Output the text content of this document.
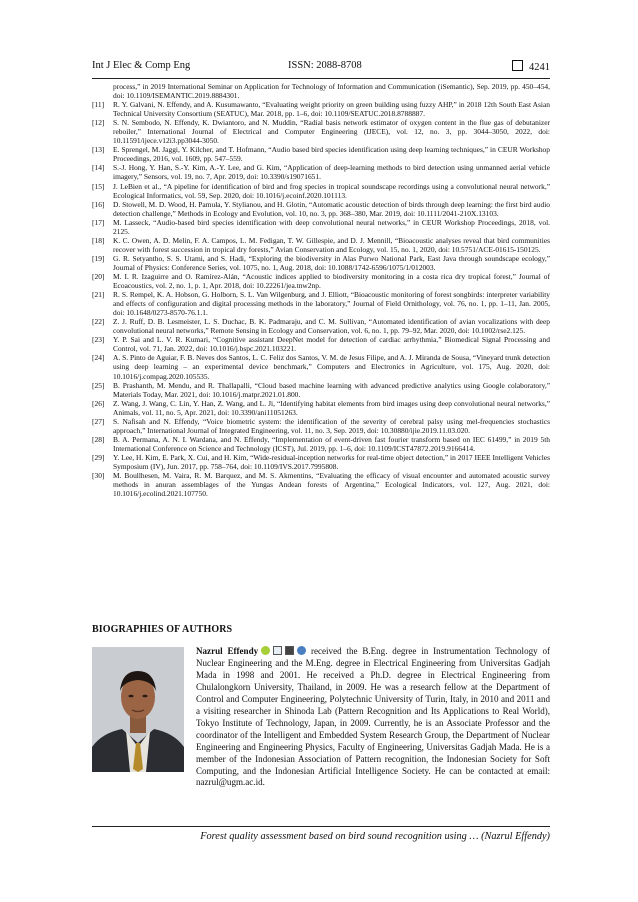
Int J Elec & Comp Eng	ISSN: 2088-8708	4241
process,” in 2019 International Seminar on Application for Technology of Information and Communication (iSemantic), Sep. 2019, pp. 450–454, doi: 10.1109/ISEMANTIC.2019.8884301.
[11] R. Y. Galvani, N. Effendy, and A. Kusumawanto, “Evaluating weight priority on green building using fuzzy AHP,” in 2018 12th South East Asian Technical University Consortium (SEATUC), Mar. 2018, pp. 1–6, doi: 10.1109/SEATUC.2018.8788887.
[12] S. N. Sembodo, N. Effendy, K. Dwiantoro, and N. Muddin, “Radial basis network estimator of oxygen content in the flue gas of debutanizer reboiler,” International Journal of Electrical and Computer Engineering (IJECE), vol. 12, no. 3, pp. 3044–3050, 2022, doi: 10.11591/ijece.v12i3.pp3044-3050.
[13] E. Sprengel, M. Jaggi, Y. Kilcher, and T. Hofmann, “Audio based bird species identification using deep learning techniques,” in CEUR Workshop Proceedings, 2016, vol. 1609, pp. 547–559.
[14] S.-J. Hong, Y. Han, S.-Y. Kim, A.-Y. Lee, and G. Kim, “Application of deep-learning methods to bird detection using unmanned aerial vehicle imagery,” Sensors, vol. 19, no. 7, Apr. 2019, doi: 10.3390/s19071651.
[15] J. LeBien et al., “A pipeline for identification of bird and frog species in tropical soundscape recordings using a convolutional neural network,” Ecological Informatics, vol. 59, Sep. 2020, doi: 10.1016/j.ecoinf.2020.101113.
[16] D. Stowell, M. D. Wood, H. Pamuła, Y. Stylianou, and H. Glotin, “Automatic acoustic detection of birds through deep learning: the first bird audio detection challenge,” Methods in Ecology and Evolution, vol. 10, no. 3, pp. 368–380, Mar. 2019, doi: 10.1111/2041-210X.13103.
[17] M. Lasseck, “Audio-based bird species identification with deep convolutional neural networks,” in CEUR Workshop Proceedings, 2018, vol. 2125.
[18] K. C. Owen, A. D. Melin, F. A. Campos, L. M. Fedigan, T. W. Gillespie, and D. J. Mennill, “Bioacoustic analyses reveal that bird communities recover with forest succession in tropical dry forests,” Avian Conservation and Ecology, vol. 15, no. 1, 2020, doi: 10.5751/ACE-01615-150125.
[19] G. R. Setyantho, S. S. Utami, and S. Hadi, “Exploring the biodiversity in Alas Purwo National Park, East Java through soundscape ecology,” Journal of Physics: Conference Series, vol. 1075, no. 1, Aug. 2018, doi: 10.1088/1742-6596/1075/1/012003.
[20] M. I. R. Izaguirre and O. Ramírez-Alán, “Acoustic indices applied to biodiversity monitoring in a costa rica dry tropical forest,” Journal of Ecoacoustics, vol. 2, no. 1, p. 1, Apr. 2018, doi: 10.22261/jea.tnw2np.
[21] R. S. Rempel, K. A. Hobson, G. Holborn, S. L. Van Wilgenburg, and J. Elliott, “Bioacoustic monitoring of forest songbirds: interpreter variability and effects of configuration and digital processing methods in the laboratory,” Journal of Field Ornithology, vol. 76, no. 1, pp. 1–11, Jan. 2005, doi: 10.1648/0273-8570-76.1.1.
[22] Z. J. Ruff, D. B. Lesmeister, L. S. Duchac, B. K. Padmaraju, and C. M. Sullivan, “Automated identification of avian vocalizations with deep convolutional neural networks,” Remote Sensing in Ecology and Conservation, vol. 6, no. 1, pp. 79–92, Mar. 2020, doi: 10.1002/rse2.125.
[23] Y. P. Sai and L. V. R. Kumari, “Cognitive assistant DeepNet model for detection of cardiac arrhythmia,” Biomedical Signal Processing and Control, vol. 71, Jan. 2022, doi: 10.1016/j.bspc.2021.103221.
[24] A. S. Pinto de Aguiar, F. B. Neves dos Santos, L. C. Feliz dos Santos, V. M. de Jesus Filipe, and A. J. Miranda de Sousa, “Vineyard trunk detection using deep learning – an experimental device benchmark,” Computers and Electronics in Agriculture, vol. 175, Aug. 2020, doi: 10.1016/j.compag.2020.105535.
[25] B. Prashanth, M. Mendu, and R. Thallapalli, “Cloud based machine learning with advanced predictive analytics using Google colaboratory,” Materials Today, Mar. 2021, doi: 10.1016/j.matpr.2021.01.800.
[26] Z. Wang, J. Wang, C. Lin, Y. Han, Z. Wang, and L. Ji, “Identifying habitat elements from bird images using deep convolutional neural networks,” Animals, vol. 11, no. 5, Apr. 2021, doi: 10.3390/ani11051263.
[27] S. Nafisah and N. Effendy, “Voice biometric system: the identification of the severity of cerebral palsy using mel-frequencies stochastics approach,” International Journal of Integrated Engineering, vol. 11, no. 3, Sep. 2019, doi: 10.30880/ijie.2019.11.03.020.
[28] B. A. Permana, A. N. I. Wardana, and N. Effendy, “Implementation of event-driven fast fourier transform based on IEC 61499,” in 2019 5th International Conference on Science and Technology (ICST), Jul. 2019, pp. 1–6, doi: 10.1109/ICST47872.2019.9166414.
[29] Y. Lee, H. Kim, E. Park, X. Cui, and H. Kim, “Wide-residual-inception networks for real-time object detection,” in 2017 IEEE Intelligent Vehicles Symposium (IV), Jun. 2017, pp. 758–764, doi: 10.1109/IVS.2017.7995808.
[30] M. Boullhesen, M. Vaira, R. M. Barquez, and M. S. Akmentins, “Evaluating the efficacy of visual encounter and automated acoustic survey methods in anuran assemblages of the Yungas Andean forests of Argentina,” Ecological Indicators, vol. 127, Aug. 2021, doi: 10.1016/j.ecolind.2021.107750.
BIOGRAPHIES OF AUTHORS
Nazrul Effendy	received the B.Eng. degree in Instrumentation Technology of Nuclear Engineering and the M.Eng. degree in Electrical Engineering from Universitas Gadjah Mada in 1998 and 2001. He received a Ph.D. degree in Electrical Engineering from Chulalongkorn University, Thailand, in 2009. He was a research fellow at the Department of Control and Computer Engineering, Polytechnic University of Turin, Italy, in 2010 and 2011 and a visiting researcher in Shinoda Lab (Pattern Recognition and Its Applications to Real World), Tokyo Institute of Technology, Japan, in 2009. Currently, he is an Associate Professor and the coordinator of the Intelligent and Embedded System Research Group, the Department of Nuclear Engineering and Engineering Physics, Faculty of Engineering, Universitas Gadjah Mada. He is a member of the Indonesian Association of Pattern recognition, the Indonesian Society for Soft Computing, and the Indonesian Artificial Intelligence Society. He can be contacted at email: nazrul@ugm.ac.id.
Forest quality assessment based on bird sound recognition using … (Nazrul Effendy)
